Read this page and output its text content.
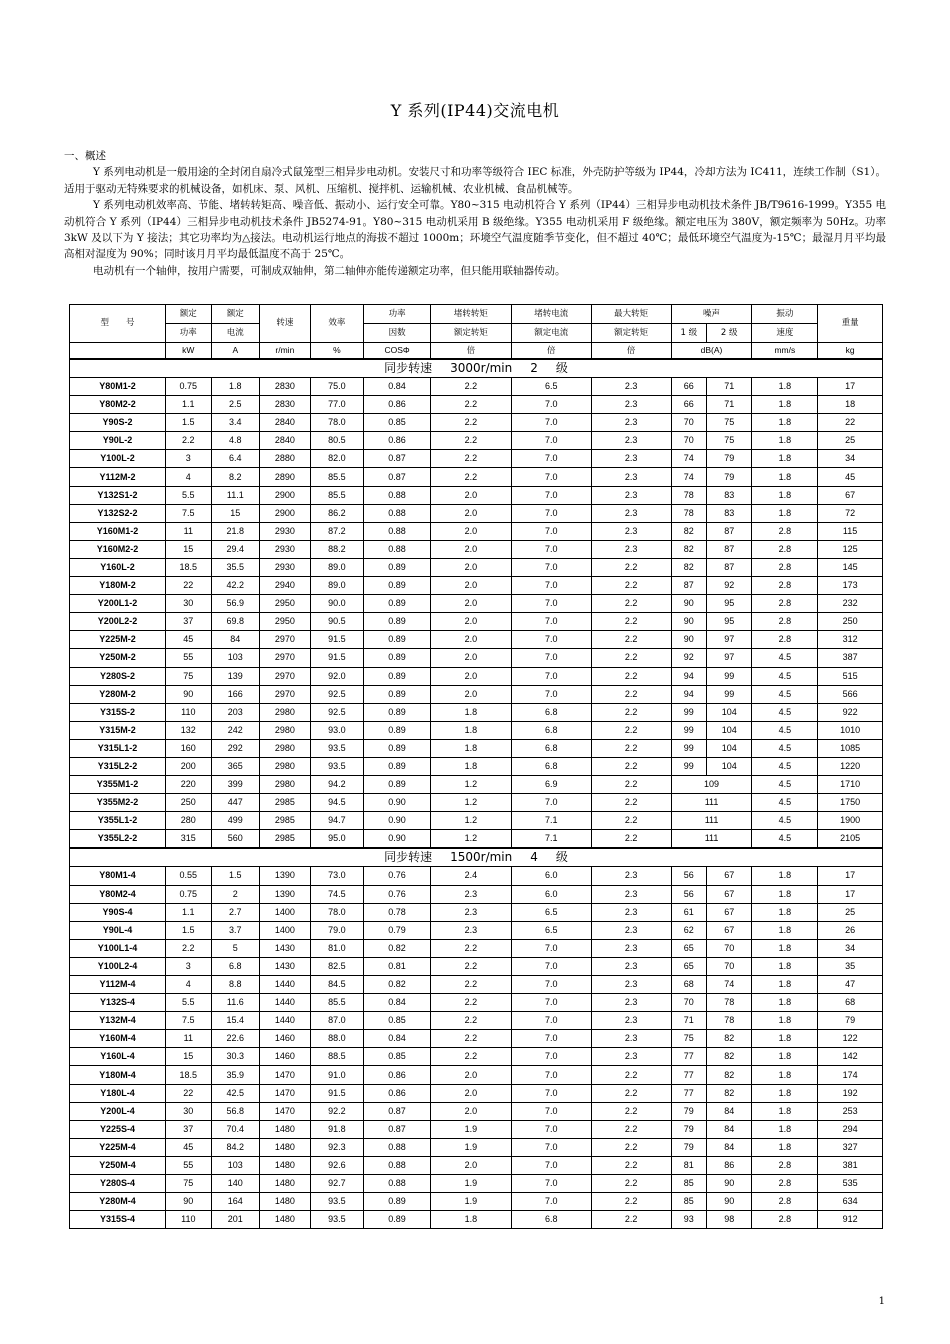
Y 系列(IP44)交流电机

一、概述

Y 系列电动机是一般用途的全封闭自扇冷式鼠笼型三相异步电动机。安装尺寸和功率等级符合 IEC 标准，外壳防护等级为 IP44，冷却方法为 IC411，连续工作制（S1）。适用于驱动无特殊要求的机械设备，如机床、泵、风机、压缩机、搅拌机、运输机械、农业机械、食品机械等。

Y 系列电动机效率高、节能、堵转转矩高、噪音低、振动小、运行安全可靠。Y80~315 电动机符合 Y 系列（IP44）三相异步电动机技术条件 JB/T9616-1999。Y355 电动机符合 Y 系列（IP44）三相异步电动机技术条件 JB5274-91。Y80~315 电动机采用 B 级绝缘。Y355 电动机采用 F 级绝缘。额定电压为 380V，额定频率为 50Hz。功率 3kW 及以下为 Y 接法；其它功率均为△接法。电动机运行地点的海拔不超过 1000m；环境空气温度随季节变化，但不超过 40℃；最低环境空气温度为-15℃；最湿月月平均最高相对湿度为 90%；同时该月月平均最低温度不高于 25℃。

电动机有一个轴伸，按用户需要，可制成双轴伸，第二轴伸亦能传递额定功率，但只能用联轴器传动。

型　　号	额定	额定	转速	效率	功率	堵转转矩	堵转电流	最大转矩	噪声		振动	重量
	功率	电流			因数	额定转矩	额定电流	额定转矩	1 级	2 级	速度	
	kW	A	r/min	%	COSΦ	倍	倍	倍	dB(A)		mm/s	kg
同步转速 3000r/min 2 级												
Y80M1-2	0.75	1.8	2830	75.0	0.84	2.2	6.5	2.3	66	71	1.8	17
Y80M2-2	1.1	2.5	2830	77.0	0.86	2.2	7.0	2.3	66	71	1.8	18
Y90S-2	1.5	3.4	2840	78.0	0.85	2.2	7.0	2.3	70	75	1.8	22
Y90L-2	2.2	4.8	2840	80.5	0.86	2.2	7.0	2.3	70	75	1.8	25
Y100L-2	3	6.4	2880	82.0	0.87	2.2	7.0	2.3	74	79	1.8	34
Y112M-2	4	8.2	2890	85.5	0.87	2.2	7.0	2.3	74	79	1.8	45
Y132S1-2	5.5	11.1	2900	85.5	0.88	2.0	7.0	2.3	78	83	1.8	67
Y132S2-2	7.5	15	2900	86.2	0.88	2.0	7.0	2.3	78	83	1.8	72
Y160M1-2	11	21.8	2930	87.2	0.88	2.0	7.0	2.3	82	87	2.8	115
Y160M2-2	15	29.4	2930	88.2	0.88	2.0	7.0	2.3	82	87	2.8	125
Y160L-2	18.5	35.5	2930	89.0	0.89	2.0	7.0	2.2	82	87	2.8	145
Y180M-2	22	42.2	2940	89.0	0.89	2.0	7.0	2.2	87	92	2.8	173
Y200L1-2	30	56.9	2950	90.0	0.89	2.0	7.0	2.2	90	95	2.8	232
Y200L2-2	37	69.8	2950	90.5	0.89	2.0	7.0	2.2	90	95	2.8	250
Y225M-2	45	84	2970	91.5	0.89	2.0	7.0	2.2	90	97	2.8	312
Y250M-2	55	103	2970	91.5	0.89	2.0	7.0	2.2	92	97	4.5	387
Y280S-2	75	139	2970	92.0	0.89	2.0	7.0	2.2	94	99	4.5	515
Y280M-2	90	166	2970	92.5	0.89	2.0	7.0	2.2	94	99	4.5	566
Y315S-2	110	203	2980	92.5	0.89	1.8	6.8	2.2	99	104	4.5	922
Y315M-2	132	242	2980	93.0	0.89	1.8	6.8	2.2	99	104	4.5	1010
Y315L1-2	160	292	2980	93.5	0.89	1.8	6.8	2.2	99	104	4.5	1085
Y315L2-2	200	365	2980	93.5	0.89	1.8	6.8	2.2	99	104	4.5	1220
Y355M1-2	220	399	2980	94.2	0.89	1.2	6.9	2.2	109		4.5	1710
Y355M2-2	250	447	2985	94.5	0.90	1.2	7.0	2.2	111		4.5	1750
Y355L1-2	280	499	2985	94.7	0.90	1.2	7.1	2.2	111		4.5	1900
Y355L2-2	315	560	2985	95.0	0.90	1.2	7.1	2.2	111		4.5	2105
同步转速 1500r/min 4 级												
Y80M1-4	0.55	1.5	1390	73.0	0.76	2.4	6.0	2.3	56	67	1.8	17
Y80M2-4	0.75	2	1390	74.5	0.76	2.3	6.0	2.3	56	67	1.8	17
Y90S-4	1.1	2.7	1400	78.0	0.78	2.3	6.5	2.3	61	67	1.8	25
Y90L-4	1.5	3.7	1400	79.0	0.79	2.3	6.5	2.3	62	67	1.8	26
Y100L1-4	2.2	5	1430	81.0	0.82	2.2	7.0	2.3	65	70	1.8	34
Y100L2-4	3	6.8	1430	82.5	0.81	2.2	7.0	2.3	65	70	1.8	35
Y112M-4	4	8.8	1440	84.5	0.82	2.2	7.0	2.3	68	74	1.8	47
Y132S-4	5.5	11.6	1440	85.5	0.84	2.2	7.0	2.3	70	78	1.8	68
Y132M-4	7.5	15.4	1440	87.0	0.85	2.2	7.0	2.3	71	78	1.8	79
Y160M-4	11	22.6	1460	88.0	0.84	2.2	7.0	2.3	75	82	1.8	122
Y160L-4	15	30.3	1460	88.5	0.85	2.2	7.0	2.3	77	82	1.8	142
Y180M-4	18.5	35.9	1470	91.0	0.86	2.0	7.0	2.2	77	82	1.8	174
Y180L-4	22	42.5	1470	91.5	0.86	2.0	7.0	2.2	77	82	1.8	192
Y200L-4	30	56.8	1470	92.2	0.87	2.0	7.0	2.2	79	84	1.8	253
Y225S-4	37	70.4	1480	91.8	0.87	1.9	7.0	2.2	79	84	1.8	294
Y225M-4	45	84.2	1480	92.3	0.88	1.9	7.0	2.2	79	84	1.8	327
Y250M-4	55	103	1480	92.6	0.88	2.0	7.0	2.2	81	86	2.8	381
Y280S-4	75	140	1480	92.7	0.88	1.9	7.0	2.2	85	90	2.8	535
Y280M-4	90	164	1480	93.5	0.89	1.9	7.0	2.2	85	90	2.8	634
Y315S-4	110	201	1480	93.5	0.89	1.8	6.8	2.2	93	98	2.8	912
1
